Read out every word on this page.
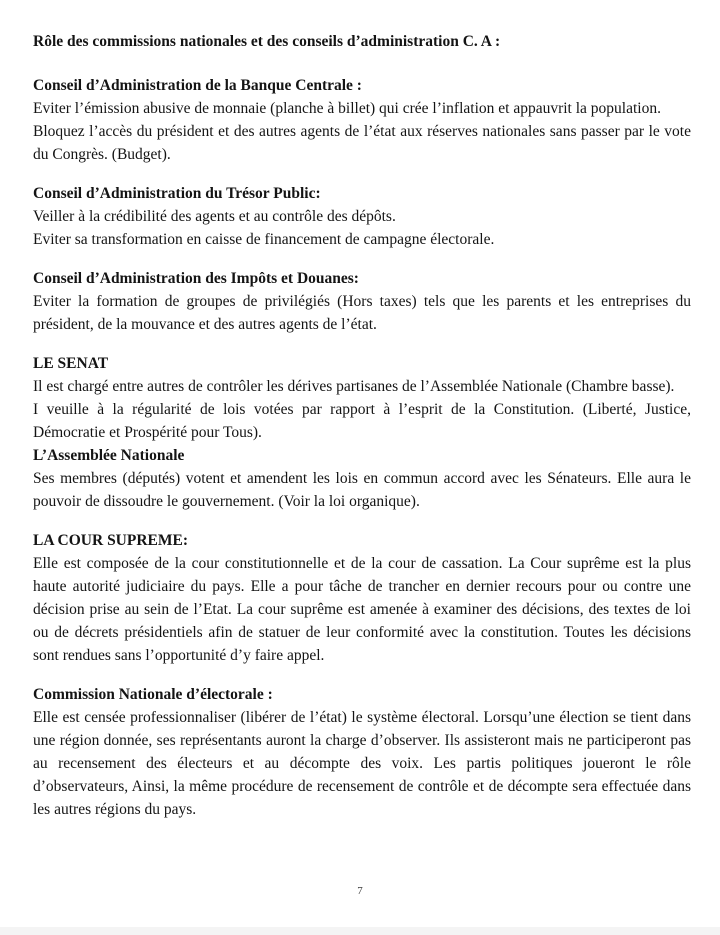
Rôle des commissions nationales et des conseils d’administration C. A :
Conseil d’Administration de la Banque Centrale :

Eviter l’émission abusive de monnaie (planche à billet) qui crée l’inflation et appauvrit la population.

Bloquez l’accès du président et des autres agents de l’état aux réserves nationales sans passer par le vote du Congrès. (Budget).

Conseil d’Administration du Trésor Public:

Veiller à la crédibilité des agents et au contrôle des dépôts.

Eviter sa transformation en caisse de financement de campagne électorale.

Conseil d’Administration des Impôts et Douanes:

Eviter la formation de groupes de privilégiés (Hors taxes) tels que les parents et les entreprises du président, de la mouvance et des autres agents de l’état.

LE SENAT

Il est chargé entre autres de contrôler les dérives partisanes de l’Assemblée Nationale (Chambre basse).

I veuille à la régularité de lois votées par rapport à l’esprit de la Constitution. (Liberté, Justice, Démocratie et Prospérité pour Tous).

L’Assemblée Nationale

Ses membres (députés) votent et amendent les lois en commun accord avec les Sénateurs. Elle aura le pouvoir de dissoudre le gouvernement. (Voir la loi organique).

LA COUR SUPREME:

Elle est composée de la cour constitutionnelle et de la cour de cassation. La Cour suprême est la plus haute autorité judiciaire du pays. Elle a pour tâche de trancher en dernier recours pour ou contre une décision prise au sein de l’Etat. La cour suprême est amenée à examiner des décisions, des textes de loi ou de décrets présidentiels afin de statuer de leur conformité avec la constitution. Toutes les décisions sont rendues sans l’opportunité d’y faire appel.

Commission Nationale d’électorale :

Elle est censée professionnaliser (libérer de l’état) le système électoral. Lorsqu’une élection se tient dans une région donnée, ses représentants auront la charge d’observer. Ils assisteront mais ne participeront pas au recensement des électeurs et au décompte des voix. Les partis politiques joueront le rôle d’observateurs, Ainsi, la même procédure de recensement de contrôle et de décompte sera effectuée dans les autres régions du pays.

7
